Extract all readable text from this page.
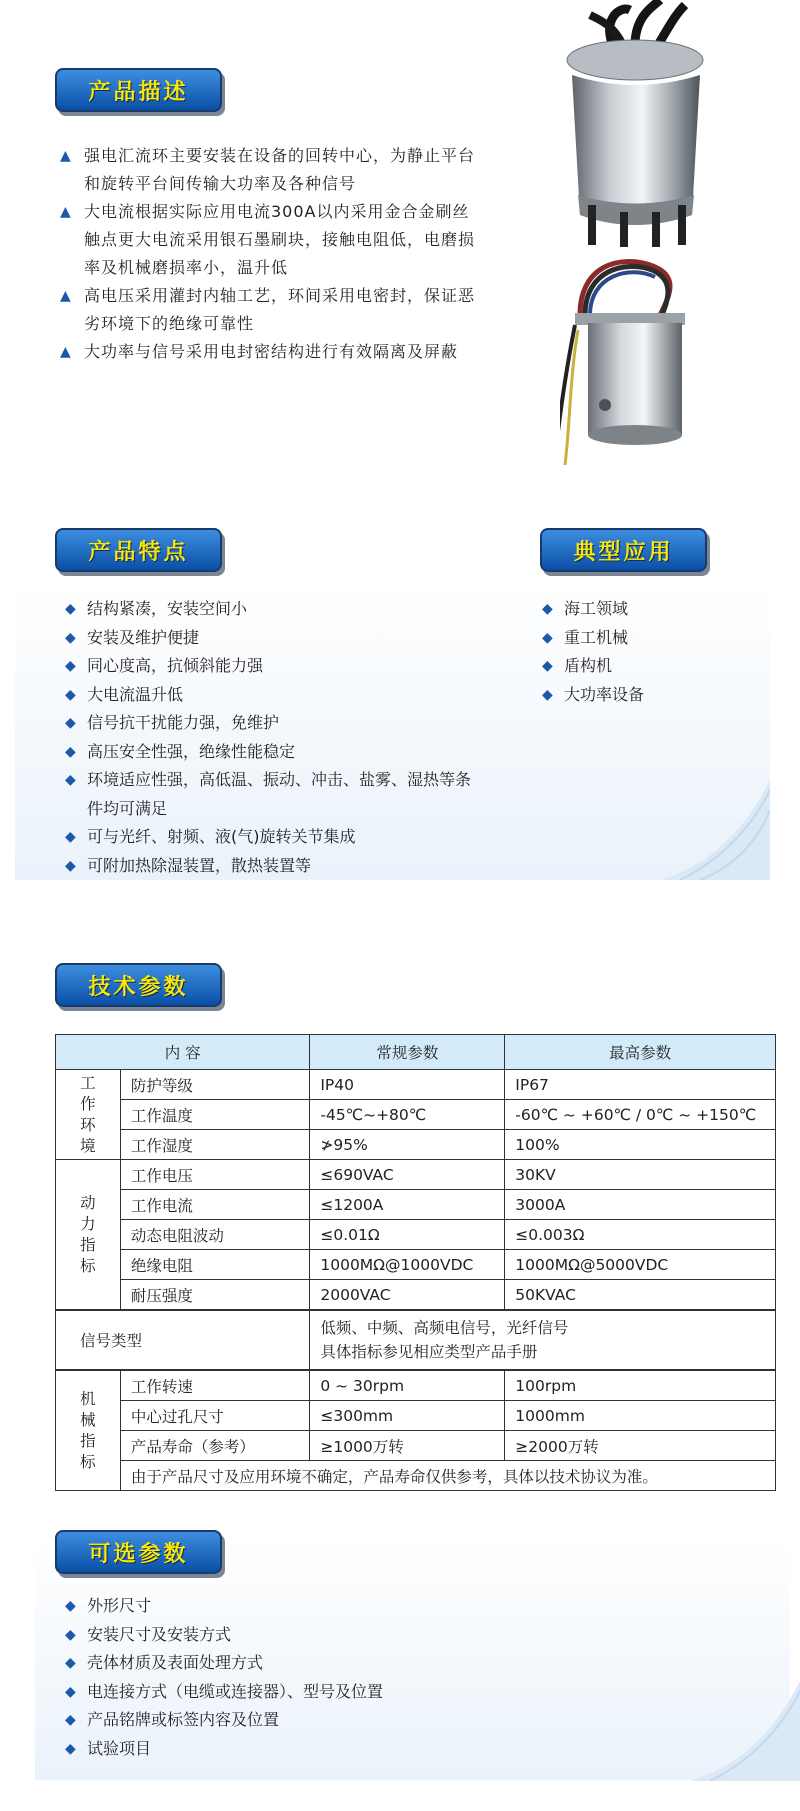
产品描述
▲ 强电汇流环主要安装在设备的回转中心，为静止平台和旋转平台间传输大功率及各种信号
▲ 大电流根据实际应用电流300A以内采用金合金刷丝触点更大电流采用银石墨刷块，接触电阻低，电磨损率及机械磨损率小，温升低
▲ 高电压采用灌封内轴工艺，环间采用电密封，保证恶劣环境下的绝缘可靠性
▲ 大功率与信号采用电封密结构进行有效隔离及屏蔽
产品特点	典型应用
◆ 结构紧凑，安装空间小
◆ 安装及维护便捷
◆ 同心度高，抗倾斜能力强
◆ 大电流温升低
◆ 信号抗干扰能力强，免维护
◆ 高压安全性强，绝缘性能稳定
◆ 环境适应性强，高低温、振动、冲击、盐雾、湿热等条件均可满足
◆ 可与光纤、射频、液(气)旋转关节集成
◆ 可附加热除湿装置，散热装置等
◆ 海工领域
◆ 重工机械
◆ 盾构机
◆ 大功率设备
技术参数
内 容		常规参数	最高参数
工
作
环
境	防护等级	IP40	IP67
	工作温度	-45℃~+80℃	-60℃ ~ +60℃ / 0℃ ~ +150℃
	工作湿度	≯95%	100%
动
力
指
标	工作电压	≤690VAC	30KV
	工作电流	≤1200A	3000A
	动态电阻波动	≤0.01Ω	≤0.003Ω
	绝缘电阻	1000MΩ@1000VDC	1000MΩ@5000VDC
	耐压强度	2000VAC	50KVAC
信号类型		低频、中频、高频电信号，光纤信号
具体指标参见相应类型产品手册	

机
械
指
标	工作转速	0 ~ 30rpm	100rpm
	中心过孔尺寸	≤300mm	1000mm
	产品寿命（参考）	≥1000万转	≥2000万转
	由于产品尺寸及应用环境不确定，产品寿命仅供参考，具体以技术协议为准。		
可选参数
◆ 外形尺寸
◆ 安装尺寸及安装方式
◆ 壳体材质及表面处理方式
◆ 电连接方式（电缆或连接器）、型号及位置
◆ 产品铭牌或标签内容及位置
◆ 试验项目
